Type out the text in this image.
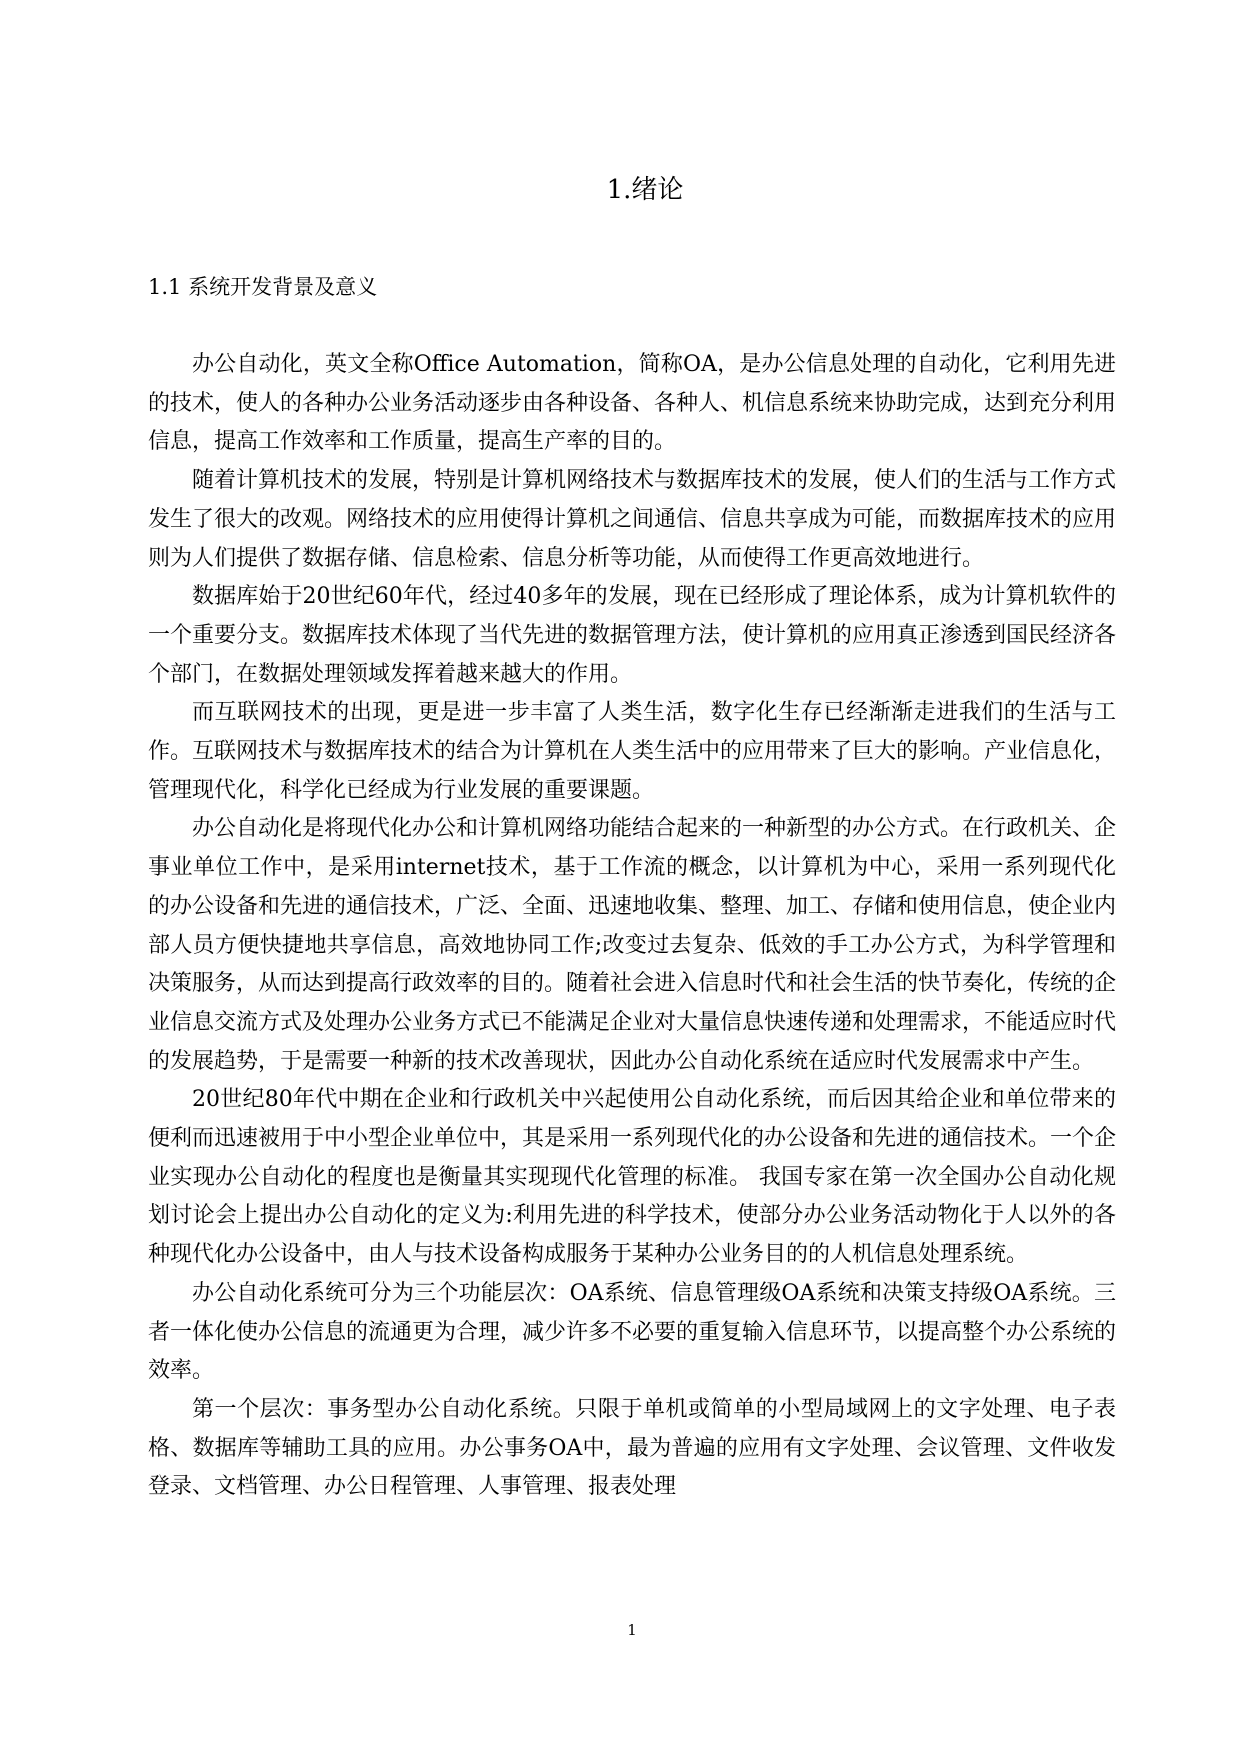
1.绪论
1.1 系统开发背景及意义

办公自动化，英文全称Office Automation，简称OA，是办公信息处理的自动化，它利用先进的技术，使人的各种办公业务活动逐步由各种设备、各种人、机信息系统来协助完成，达到充分利用信息，提高工作效率和工作质量，提高生产率的目的。

随着计算机技术的发展，特别是计算机网络技术与数据库技术的发展，使人们的生活与工作方式发生了很大的改观。网络技术的应用使得计算机之间通信、信息共享成为可能，而数据库技术的应用则为人们提供了数据存储、信息检索、信息分析等功能，从而使得工作更高效地进行。

数据库始于20世纪60年代，经过40多年的发展，现在已经形成了理论体系，成为计算机软件的一个重要分支。数据库技术体现了当代先进的数据管理方法，使计算机的应用真正渗透到国民经济各个部门，在数据处理领域发挥着越来越大的作用。

而互联网技术的出现，更是进一步丰富了人类生活，数字化生存已经渐渐走进我们的生活与工作。互联网技术与数据库技术的结合为计算机在人类生活中的应用带来了巨大的影响。产业信息化，管理现代化，科学化已经成为行业发展的重要课题。

办公自动化是将现代化办公和计算机网络功能结合起来的一种新型的办公方式。在行政机关、企事业单位工作中，是采用internet技术，基于工作流的概念，以计算机为中心，采用一系列现代化的办公设备和先进的通信技术，广泛、全面、迅速地收集、整理、加工、存储和使用信息，使企业内部人员方便快捷地共享信息，高效地协同工作;改变过去复杂、低效的手工办公方式，为科学管理和决策服务，从而达到提高行政效率的目的。随着社会进入信息时代和社会生活的快节奏化，传统的企业信息交流方式及处理办公业务方式已不能满足企业对大量信息快速传递和处理需求，不能适应时代的发展趋势，于是需要一种新的技术改善现状，因此办公自动化系统在适应时代发展需求中产生。

20世纪80年代中期在企业和行政机关中兴起使用公自动化系统，而后因其给企业和单位带来的便利而迅速被用于中小型企业单位中，其是采用一系列现代化的办公设备和先进的通信技术。一个企业实现办公自动化的程度也是衡量其实现现代化管理的标准。 我国专家在第一次全国办公自动化规划讨论会上提出办公自动化的定义为:利用先进的科学技术，使部分办公业务活动物化于人以外的各种现代化办公设备中，由人与技术设备构成服务于某种办公业务目的的人机信息处理系统。

办公自动化系统可分为三个功能层次：OA系统、信息管理级OA系统和决策支持级OA系统。三者一体化使办公信息的流通更为合理，减少许多不必要的重复输入信息环节，以提高整个办公系统的效率。

第一个层次：事务型办公自动化系统。只限于单机或简单的小型局域网上的文字处理、电子表格、数据库等辅助工具的应用。办公事务OA中，最为普遍的应用有文字处理、会议管理、文件收发登录、文档管理、办公日程管理、人事管理、报表处理

1
